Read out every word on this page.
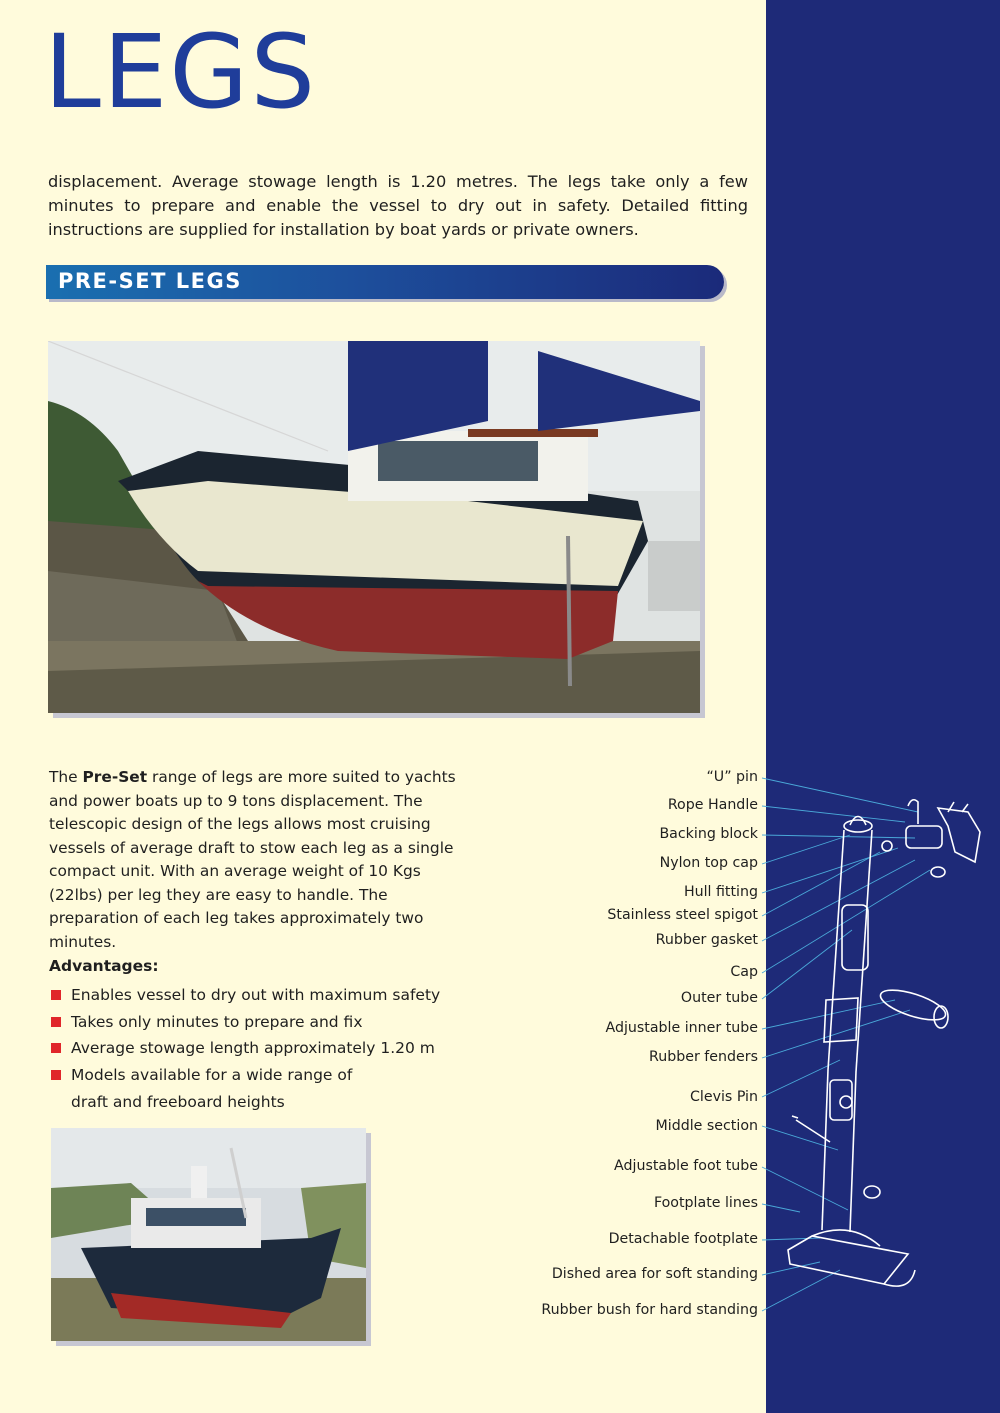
LEGS

displacement. Average stowage length is 1.20 metres. The legs take only a few minutes to prepare and enable the vessel to dry out in safety. Detailed fitting instructions are supplied for installation by boat yards or private owners.

PRE-SET LEGS

The Pre-Set range of legs are more suited to yachts and power boats up to 9 tons displacement. The telescopic design of the legs allows most cruising vessels of average draft to stow each leg as a single compact unit. With an average weight of 10 Kgs (22lbs) per leg they are easy to handle. The preparation of each leg takes approximately two minutes.

Advantages:

Enables vessel to dry out with maximum safety
Takes only minutes to prepare and fix
Average stowage length approximately 1.20 m
Models available for a wide range of draft and freeboard heights
“U” pin
Rope Handle
Backing block
Nylon top cap
Hull fitting
Stainless steel spigot
Rubber gasket
Cap
Outer tube
Adjustable inner tube
Rubber fenders
Clevis Pin
Middle section
Adjustable foot tube
Footplate lines
Detachable footplate
Dished area for soft standing
Rubber bush for hard standing
